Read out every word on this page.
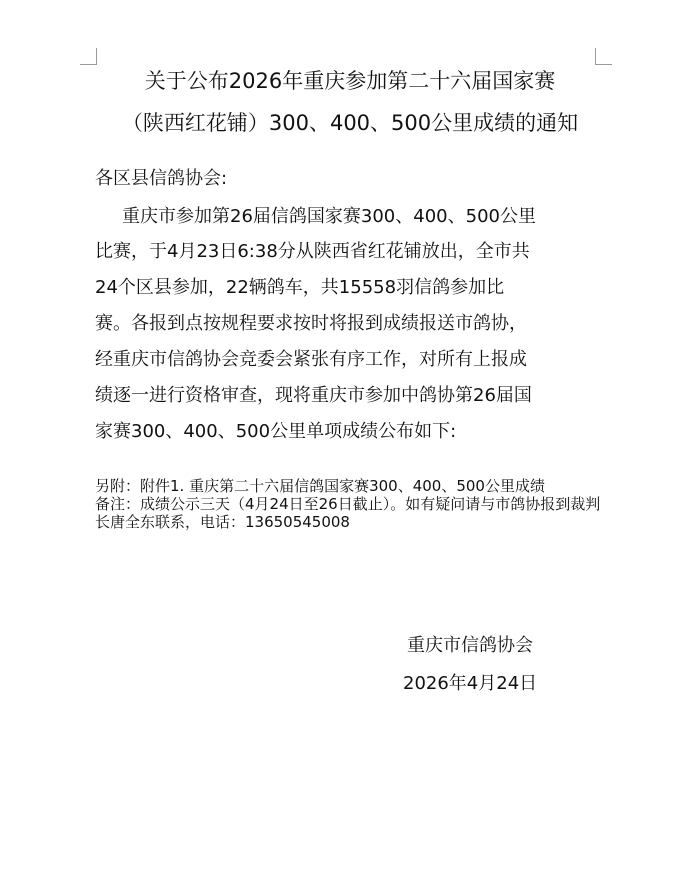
关于公布2026年重庆参加第二十六届国家赛
（陕西红花铺）300、400、500公里成绩的通知
各区县信鸽协会:
重庆市参加第26届信鸽国家赛300、400、500公里
比赛，于4月23日6:38分从陕西省红花铺放出，全市共
24个区县参加，22辆鸽车，共15558羽信鸽参加比
赛。各报到点按规程要求按时将报到成绩报送市鸽协，
经重庆市信鸽协会竞委会紧张有序工作，对所有上报成
绩逐一进行资格审查，现将重庆市参加中鸽协第26届国
家赛300、400、500公里单项成绩公布如下:

另附：附件1. 重庆第二十六届信鸽国家赛300、400、500公里成绩

备注：成绩公示三天（4月24日至26日截止）。如有疑问请与市鸽协报到裁判长唐全东联系，电话：13650545008

重庆市信鸽协会
2026年4月24日
